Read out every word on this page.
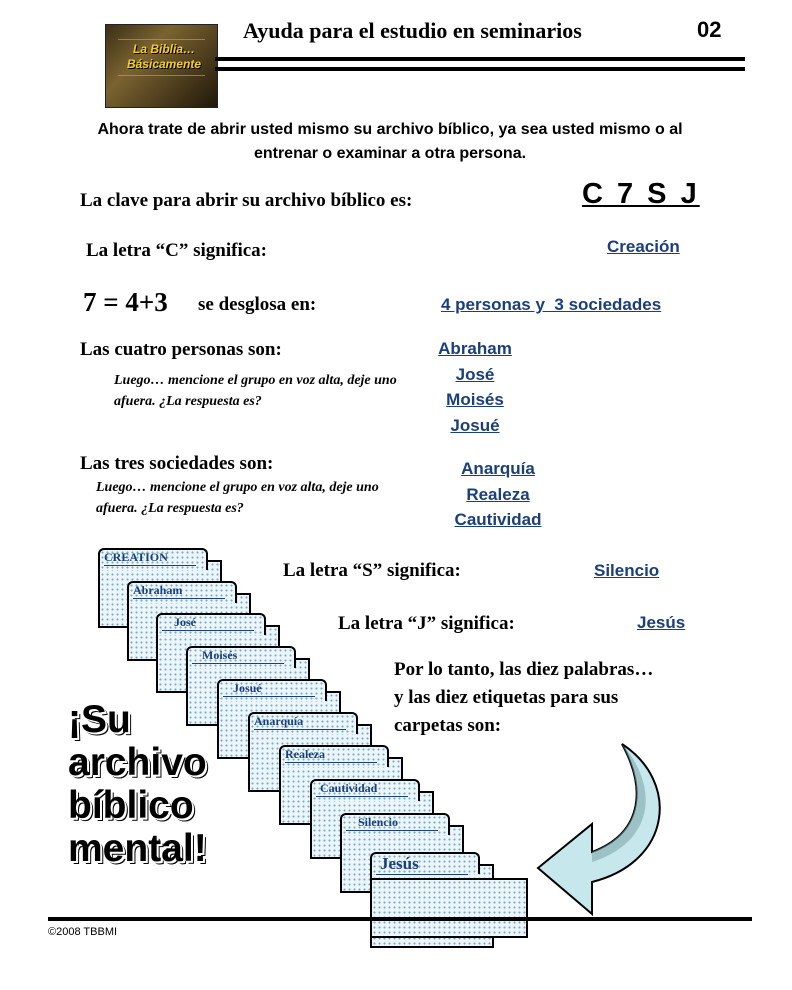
La Biblia…
Básicamente
Ayuda para el estudio en seminarios	02
Ahora trate de abrir usted mismo su archivo bíblico, ya sea usted mismo o al entrenar o examinar a otra persona.
La clave para abrir su archivo bíblico es:	C 7 S J
La letra “C” significa:	Creación
7 = 4+3 se desglosa en:	4 personas y  3 sociedades
Las cuatro personas son:
Luego… mencione el grupo en voz alta, deje uno afuera. ¿La respuesta es?
Abraham
José
Moisés
Josué
Las tres sociedades son:
Luego… mencione el grupo en voz alta, deje uno afuera. ¿La respuesta es?
Anarquía
Realeza
Cautividad
La letra “S” significa:	Silencio
La letra “J” significa:	Jesús
Por lo tanto, las diez palabras…
y las diez etiquetas para sus
carpetas son:
CREATION
Abraham
José
Moisés
Josué
Anarquía
Realeza
Cautividad
Silencio
Jesús
¡Su
archivo
bíblico
mental!
©2008 TBBMI
